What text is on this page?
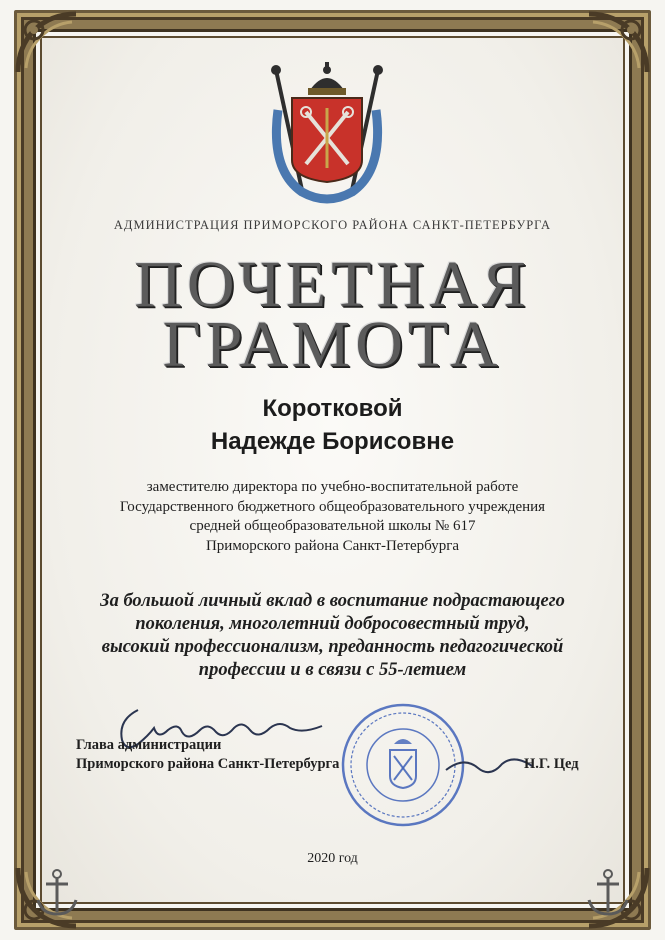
АДМИНИСТРАЦИЯ ПРИМОРСКОГО РАЙОНА САНКТ-ПЕТЕРБУРГА
ПОЧЕТНАЯ
ГРАМОТА
Коротковой
Надежде Борисовне
заместителю директора по учебно-воспитательной работе
Государственного бюджетного общеобразовательного учреждения
средней общеобразовательной школы № 617
Приморского района Санкт-Петербурга
За большой личный вклад в воспитание подрастающего
поколения, многолетний добросовестный труд,
высокий профессионализм, преданность педагогической
профессии и в связи с 55-летием
Глава администрации
Приморского района Санкт-Петербурга	Н.Г. Цед
2020 год
